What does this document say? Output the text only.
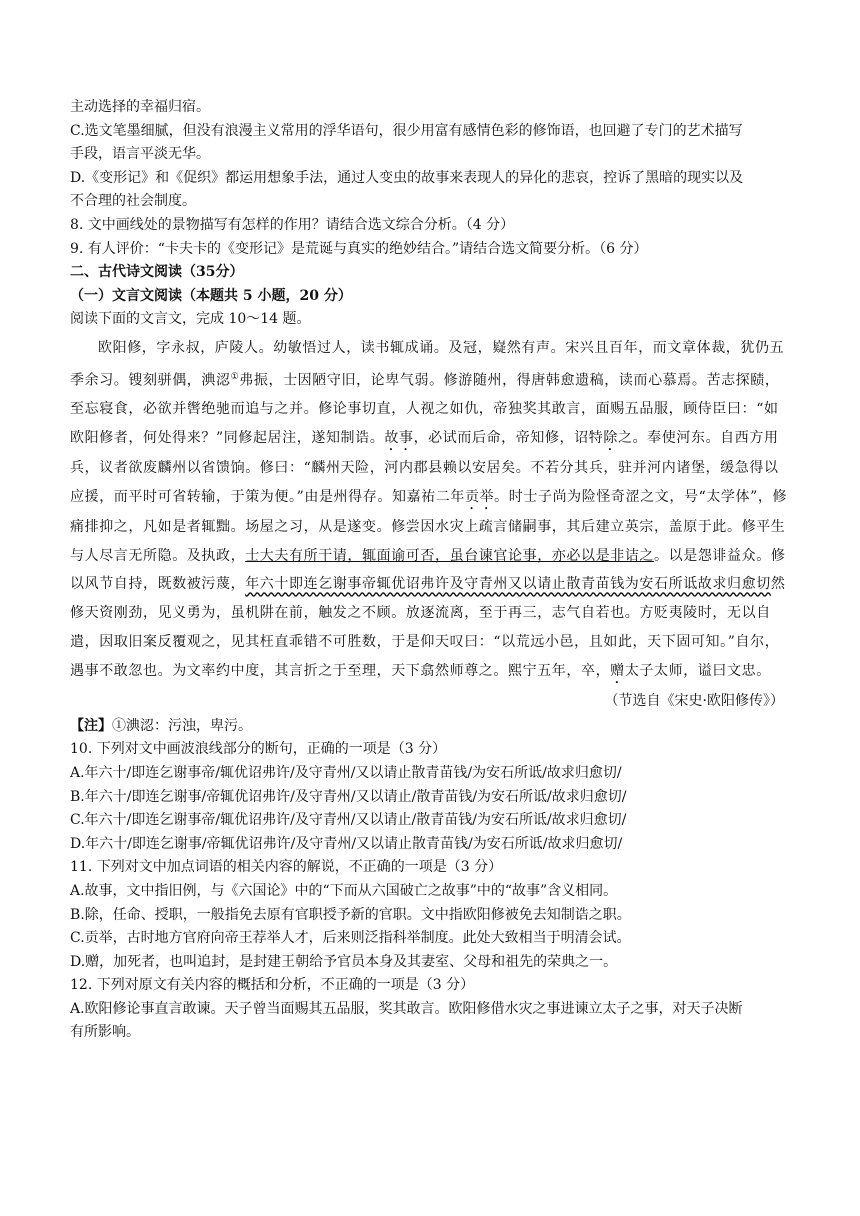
主动选择的幸福归宿。
C.选文笔墨细腻，但没有浪漫主义常用的浮华语句，很少用富有感情色彩的修饰语，也回避了专门的艺术描写
手段，语言平淡无华。
D.《变形记》和《促织》都运用想象手法，通过人变虫的故事来表现人的异化的悲哀，控诉了黑暗的现实以及
不合理的社会制度。
8. 文中画线处的景物描写有怎样的作用？请结合选文综合分析。（4 分）
9. 有人评价：“卡夫卡的《变形记》是荒诞与真实的绝妙结合。”请结合选文简要分析。（6 分）
二、古代诗文阅读（35分）
（一）文言文阅读（本题共 5 小题，20 分）
阅读下面的文言文，完成 10～14 题。
欧阳修，字永叔，庐陵人。幼敏悟过人，读书辄成诵。及冠，嶷然有声。宋兴且百年，而文章体裁，犹仍五季余习。锼刻骈偶，淟涊①弗振，士因陋守旧，论卑气弱。修游随州，得唐韩愈遗稿，读而心慕焉。苦志探赜，至忘寝食，必欲并辔绝驰而追与之并。修论事切直，人视之如仇，帝独奖其敢言，面赐五品服，顾侍臣曰：“如欧阳修者，何处得来？”同修起居注，遂知制诰。故事，必试而后命，帝知修，诏特除之。奉使河东。自西方用兵，议者欲废麟州以省馈饷。修曰：“麟州天险，河内郡县赖以安居矣。不若分其兵，驻并河内诸堡，缓急得以应援，而平时可省转输，于策为便。”由是州得存。知嘉祐二年贡举。时士子尚为险怪奇涩之文，号“太学体”，修痛排抑之，凡如是者辄黜。场屋之习，从是遂变。修尝因水灾上疏言储嗣事，其后建立英宗，盖原于此。修平生与人尽言无所隐。及执政，士大夫有所干请，辄面谕可否，虽台谏官论事，亦必以是非诘之。以是怨诽益众。修以风节自持，既数被污蔑，年六十即连乞谢事帝辄优诏弗许及守青州又以请止散青苗钱为安石所诋故求归愈切然修天资刚劲，见义勇为，虽机阱在前，触发之不顾。放逐流离，至于再三，志气自若也。方贬夷陵时，无以自遣，因取旧案反覆观之，见其枉直乖错不可胜数，于是仰天叹曰：“以荒远小邑，且如此，天下固可知。”自尔，遇事不敢忽也。为文率约中度，其言折之于至理，天下翕然师尊之。熙宁五年，卒，赠太子太师，谥曰文忠。
（节选自《宋史·欧阳修传》）
【注】①淟涊：污浊，卑污。
10. 下列对文中画波浪线部分的断句，正确的一项是（3 分）
A.年六十/即连乞谢事帝/辄优诏弗许/及守青州/又以请止散青苗钱/为安石所诋/故求归愈切/
B.年六十/即连乞谢事/帝辄优诏弗许/及守青州/又以请止/散青苗钱/为安石所诋/故求归愈切/
C.年六十/即连乞谢事帝/辄优诏弗许/及守青州/又以请止/散青苗钱/为安石所诋/故求归愈切/
D.年六十/即连乞谢事/帝辄优诏弗许/及守青州/又以请止散青苗钱/为安石所诋/故求归愈切/
11. 下列对文中加点词语的相关内容的解说，不正确的一项是（3 分）
A.故事，文中指旧例，与《六国论》中的“下而从六国破亡之故事”中的“故事”含义相同。
B.除，任命、授职，一般指免去原有官职授予新的官职。文中指欧阳修被免去知制诰之职。
C.贡举，古时地方官府向帝王荐举人才，后来则泛指科举制度。此处大致相当于明清会试。
D.赠，加死者，也叫追封，是封建王朝给予官员本身及其妻室、父母和祖先的荣典之一。
12. 下列对原文有关内容的概括和分析，不正确的一项是（3 分）
A.欧阳修论事直言敢谏。天子曾当面赐其五品服，奖其敢言。欧阳修借水灾之事进谏立太子之事，对天子决断
有所影响。
